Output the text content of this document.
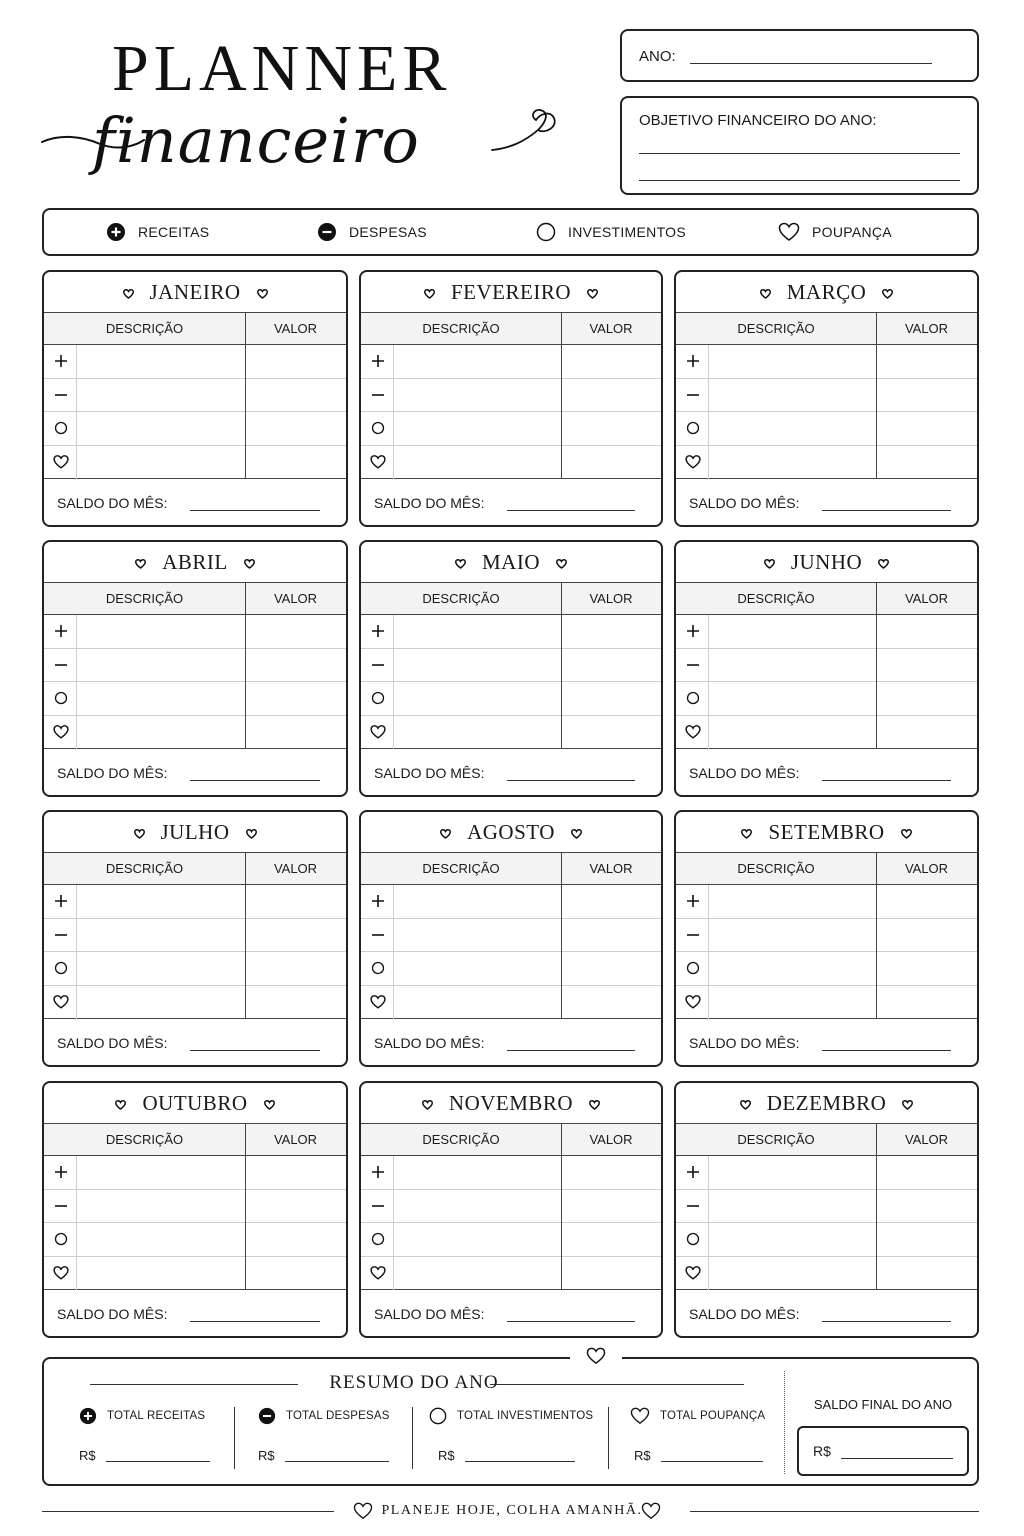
PLANNER
financeiro
ANO:
OBJETIVO FINANCEIRO DO ANO:
RECEITAS	DESPESAS	INVESTIMENTOS	POUPANÇA
JANEIRO
DESCRIÇÃO	VALOR
SALDO DO MÊS:
FEVEREIRO
DESCRIÇÃO	VALOR
SALDO DO MÊS:
MARÇO
DESCRIÇÃO	VALOR
SALDO DO MÊS:
ABRIL
DESCRIÇÃO	VALOR
SALDO DO MÊS:
MAIO
DESCRIÇÃO	VALOR
SALDO DO MÊS:
JUNHO
DESCRIÇÃO	VALOR
SALDO DO MÊS:
JULHO
DESCRIÇÃO	VALOR
SALDO DO MÊS:
AGOSTO
DESCRIÇÃO	VALOR
SALDO DO MÊS:
SETEMBRO
DESCRIÇÃO	VALOR
SALDO DO MÊS:
OUTUBRO
DESCRIÇÃO	VALOR
SALDO DO MÊS:
NOVEMBRO
DESCRIÇÃO	VALOR
SALDO DO MÊS:
DEZEMBRO
DESCRIÇÃO	VALOR
SALDO DO MÊS:
RESUMO DO ANO
TOTAL RECEITAS
R$
TOTAL DESPESAS
R$
TOTAL INVESTIMENTOS
R$
TOTAL POUPANÇA
R$
SALDO FINAL DO ANO
R$
PLANEJE HOJE, COLHA AMANHÃ.
